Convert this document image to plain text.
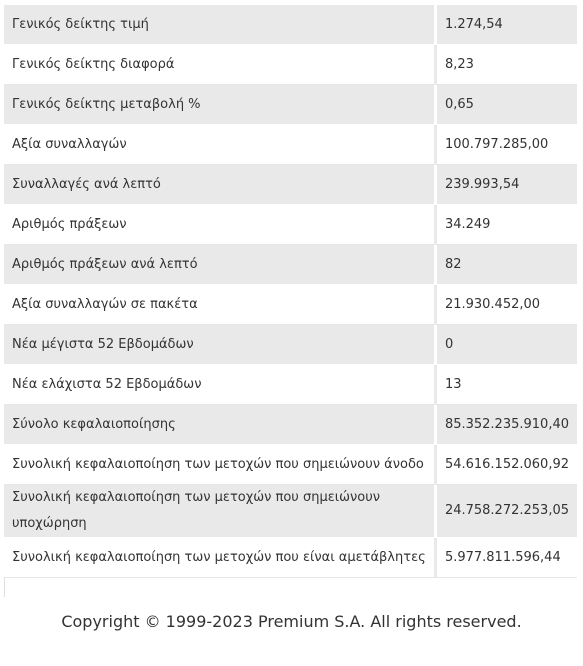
Γενικός δείκτης τιμή	1.274,54
Γενικός δείκτης διαφορά	8,23
Γενικός δείκτης μεταβολή %	0,65
Αξία συναλλαγών	100.797.285,00
Συναλλαγές ανά λεπτό	239.993,54
Αριθμός πράξεων	34.249
Αριθμός πράξεων ανά λεπτό	82
Αξία συναλλαγών σε πακέτα	21.930.452,00
Νέα μέγιστα 52 Εβδομάδων	0
Νέα ελάχιστα 52 Εβδομάδων	13
Σύνολο κεφαλαιοποίησης	85.352.235.910,40
Συνολική κεφαλαιοποίηση των μετοχών που σημειώνουν άνοδο	54.616.152.060,92
Συνολική κεφαλαιοποίηση των μετοχών που σημειώνουν υποχώρηση	24.758.272.253,05
Συνολική κεφαλαιοποίηση των μετοχών που είναι αμετάβλητες	5.977.811.596,44
Copyright © 1999-2023 Premium S.A. All rights reserved.
